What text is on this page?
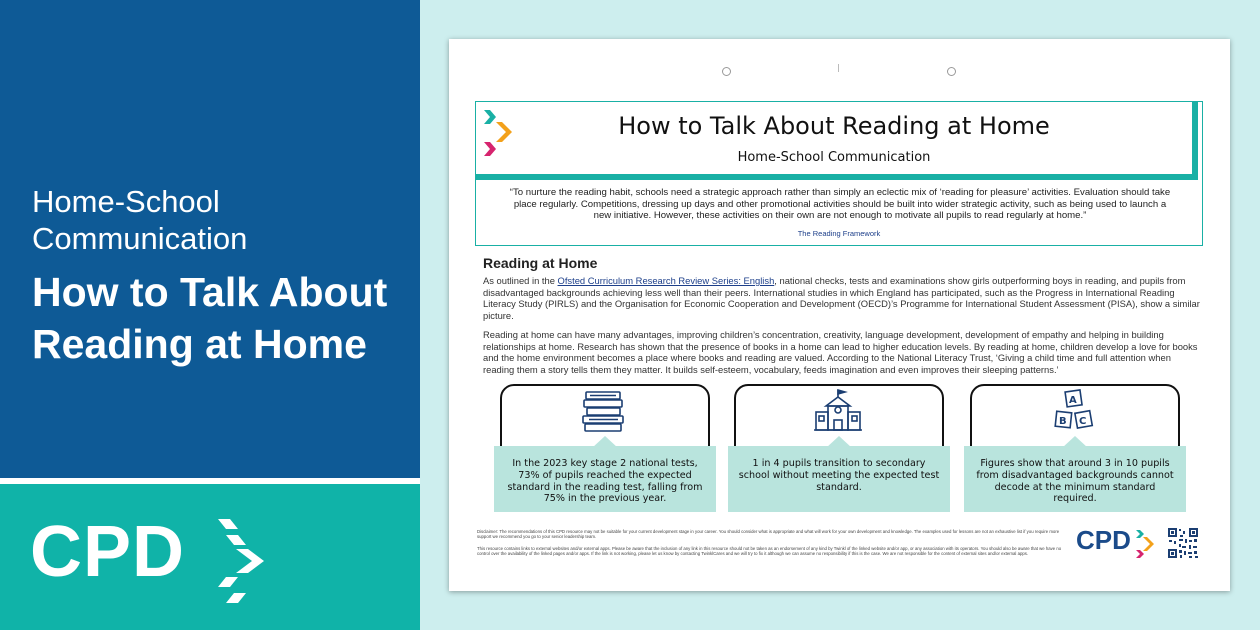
Home-School Communication
How to Talk About Reading at Home
CPD
How to Talk About Reading at Home
Home-School Communication
“To nurture the reading habit, schools need a strategic approach rather than simply an eclectic mix of ‘reading for pleasure’ activities. Evaluation should take place regularly. Competitions, dressing up days and other promotional activities should be built into wider strategic activity, such as being used to launch a new initiative. However, these activities on their own are not enough to motivate all pupils to read regularly at home.”
The Reading Framework
Reading at Home
As outlined in the Ofsted Curriculum Research Review Series: English, national checks, tests and examinations show girls outperforming boys in reading, and pupils from disadvantaged backgrounds achieving less well than their peers. International studies in which England has participated, such as the Progress in International Reading Literacy Study (PIRLS) and the Organisation for Economic Cooperation and Development (OECD)’s Programme for International Student Assessment (PISA), show a similar picture.
Reading at home can have many advantages, improving children’s concentration, creativity, language development, development of empathy and helping in building relationships at home. Research has shown that the presence of books in a home can lead to higher education levels. By reading at home, children develop a love for books and the home environment becomes a place where books and reading are valued. According to the National Literacy Trust, ‘Giving a child time and full attention when reading them a story tells them they matter. It builds self-esteem, vocabulary, feeds imagination and even improves their sleeping patterns.’
In the 2023 key stage 2 national tests, 73% of pupils reached the expected standard in the reading test, falling from 75% in the previous year.
1 in 4 pupils transition to secondary school without meeting the expected test standard.
A
B C
Figures show that around 3 in 10 pupils from disadvantaged backgrounds cannot decode at the minimum standard required.
Disclaimer: The recommendations of this CPD resource may not be suitable for your current development stage in your career. You should consider what is appropriate and what will work for your own development and knowledge. The examples used for lessons are not an exhaustive list if you require more support we recommend you go to your senior leadership team.
This resource contains links to external websites and/or external apps. Please be aware that the inclusion of any link in this resource should not be taken as an endorsement of any kind by Twinkl of the linked website and/or app, or any association with its operators. You should also be aware that we have no control over the availability of the linked pages and/or apps. If the link is not working, please let us know by contacting TwinklCares and we will try to fix it although we can assume no responsibility if this is the case. We are not responsible for the content of external sites and/or external apps.	CPD
